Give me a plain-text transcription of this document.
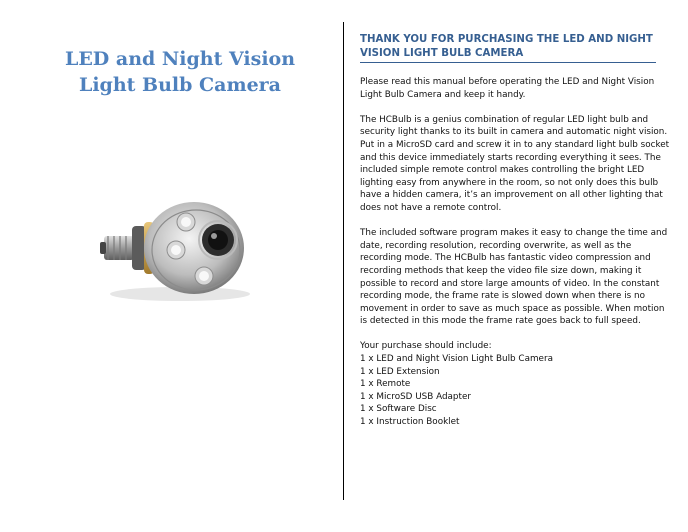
LED and Night Vision
Light Bulb Camera
THANK YOU FOR PURCHASING THE LED AND NIGHT
VISION LIGHT BULB CAMERA

Please read this manual before operating the LED and Night Vision
Light Bulb Camera and keep it handy.

The HCBulb is a genius combination of regular LED light bulb and
security light thanks to its built in camera and automatic night vision.
Put in a MicroSD card and screw it in to any standard light bulb socket
and this device immediately starts recording everything it sees. The
included simple remote control makes controlling the bright LED
lighting easy from anywhere in the room, so not only does this bulb
have a hidden camera, it’s an improvement on all other lighting that
does not have a remote control.

The included software program makes it easy to change the time and
date, recording resolution, recording overwrite, as well as the
recording mode. The HCBulb has fantastic video compression and
recording methods that keep the video file size down, making it
possible to record and store large amounts of video. In the constant
recording mode, the frame rate is slowed down when there is no
movement in order to save as much space as possible. When motion
is detected in this mode the frame rate goes back to full speed.

Your purchase should include:
1 x LED and Night Vision Light Bulb Camera
1 x LED Extension
1 x Remote
1 x MicroSD USB Adapter
1 x Software Disc
1 x Instruction Booklet
